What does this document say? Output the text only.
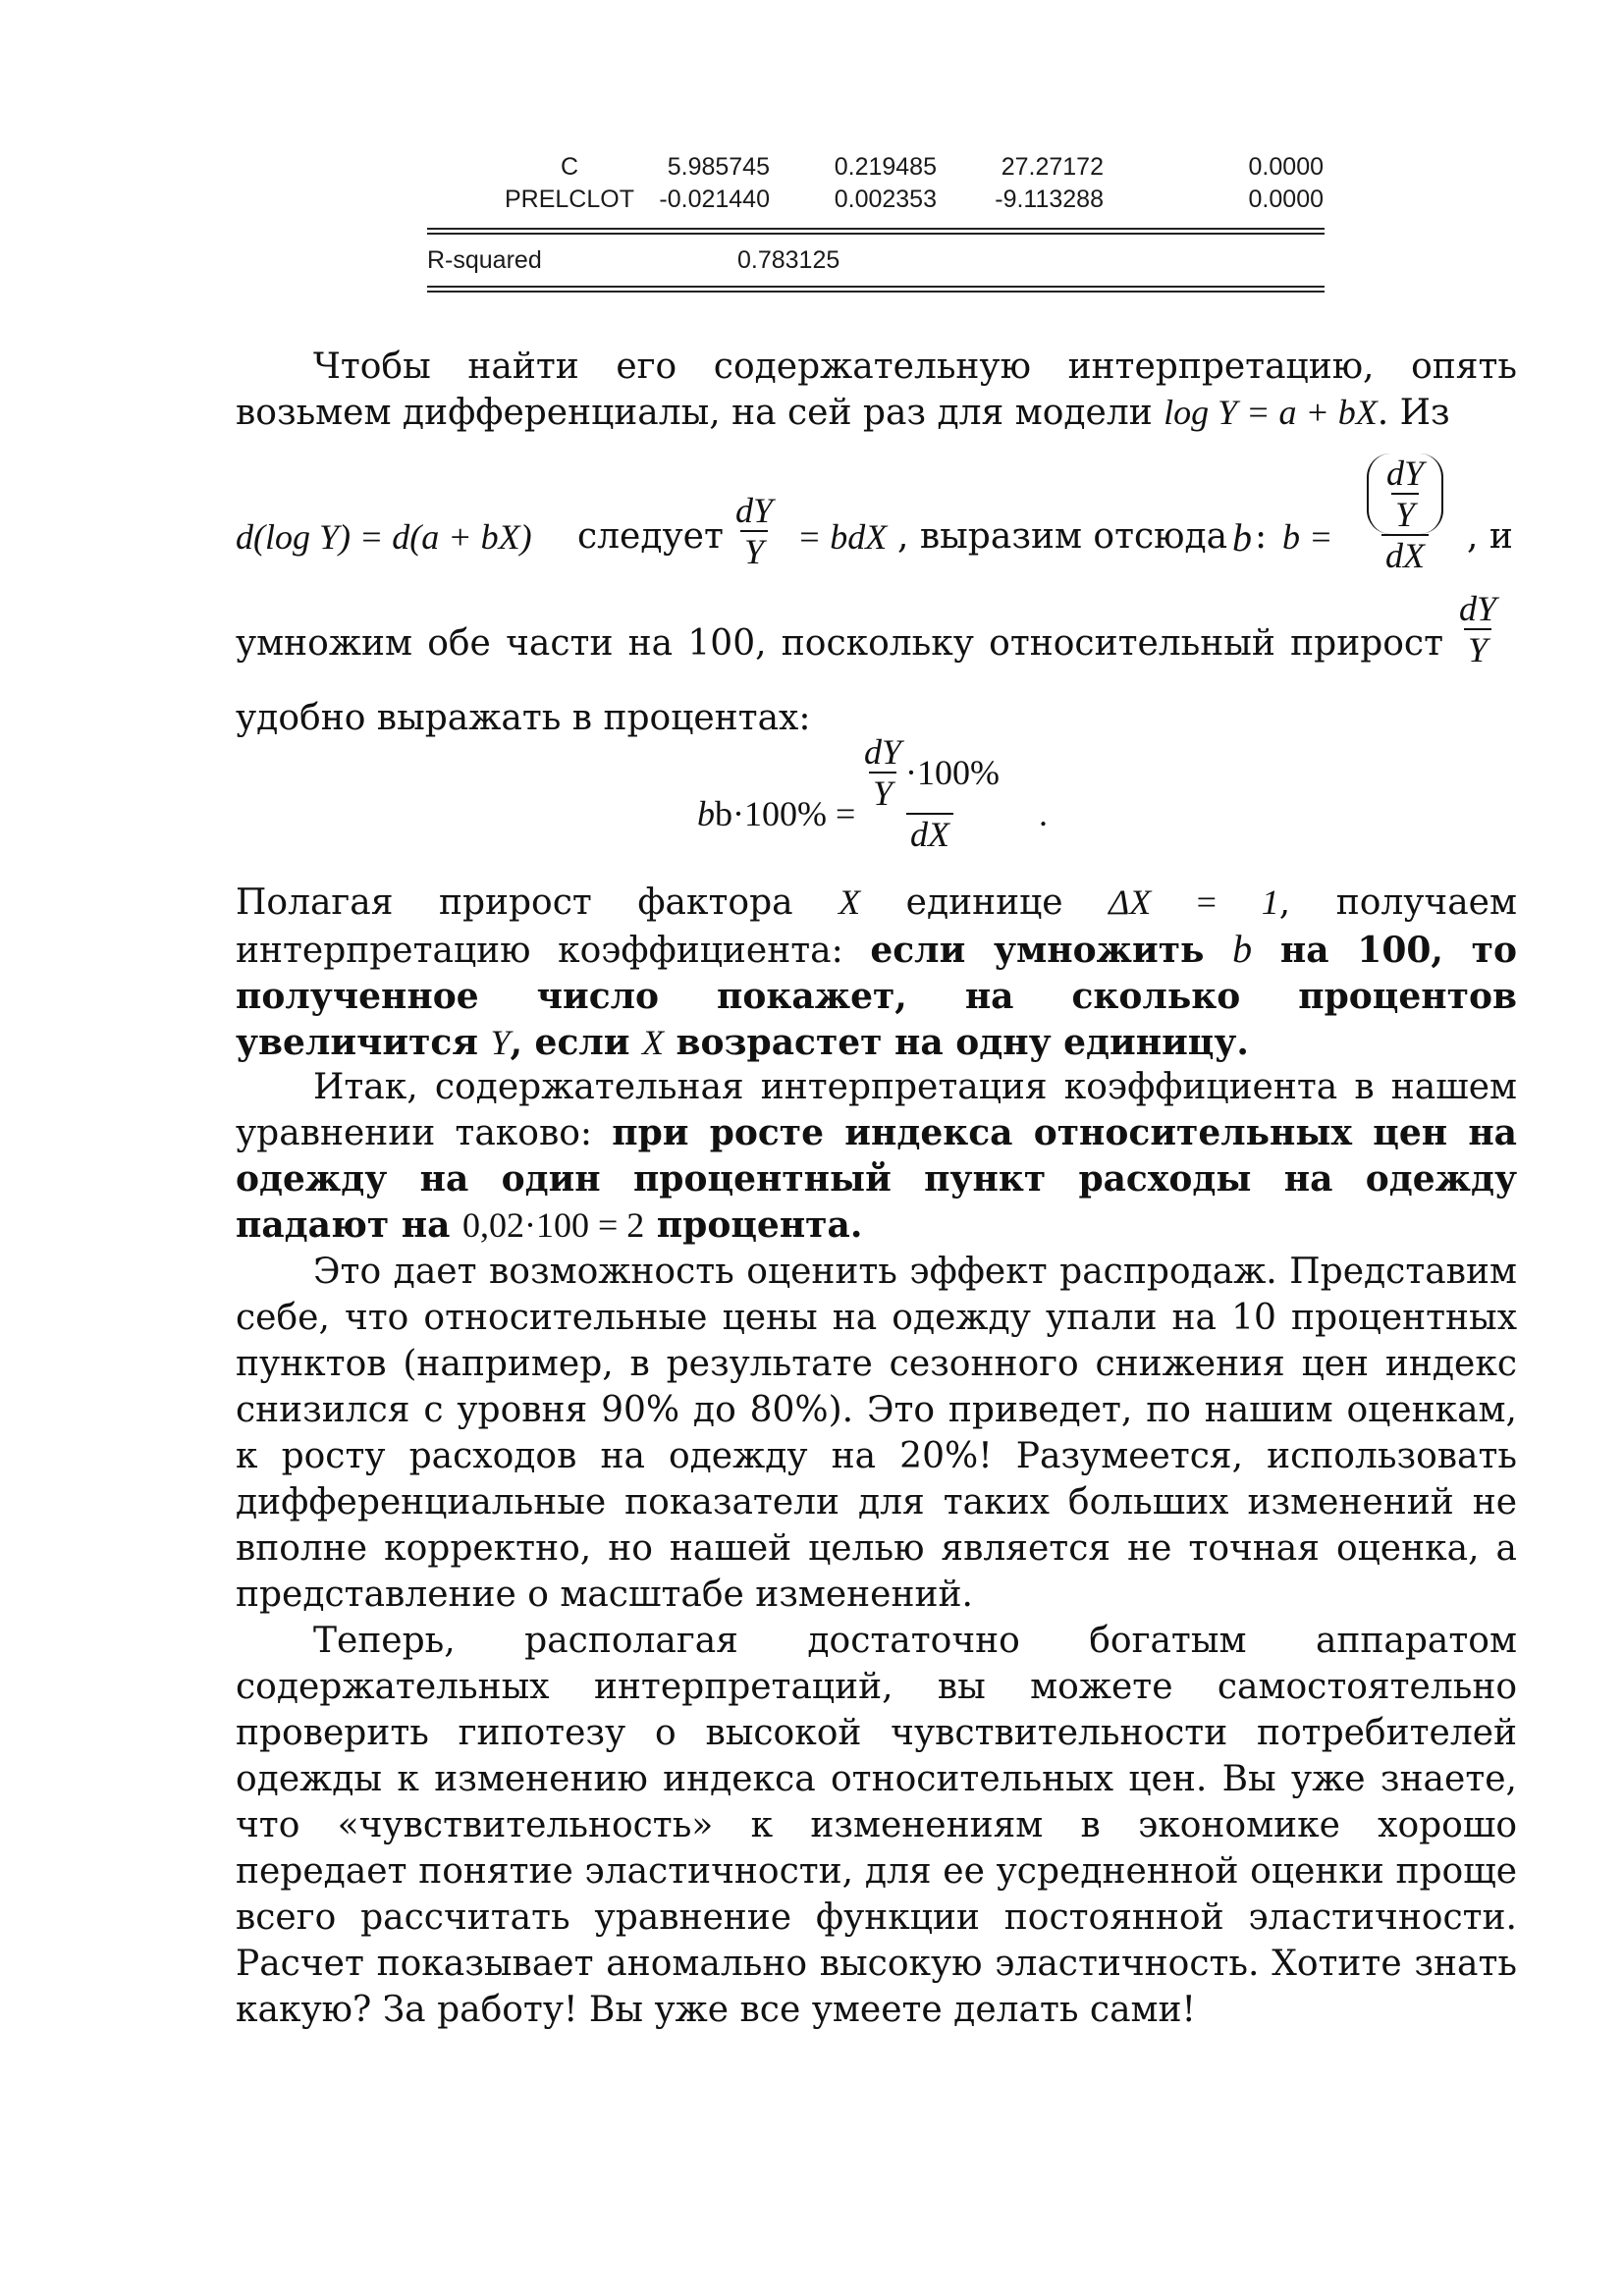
C	5.985745	0.219485	27.27172	0.0000
PRELCLOT	-0.021440	0.002353 -9.113288	0.0000
R-squared	0.783125

Чтобы найти его содержательную интерпретацию, опять возьмем дифференциалы, на сей раз для модели log Y = a + bX. Из

d(log Y) = d(a + bX) следует $\frac{dY}{Y}$ = bdX , выразим отсюда b : $b = \frac{\frac{dY}{Y}}{dX}$ , и

умножим обе части на 100, поскольку относительный прирост $\frac{dY}{Y}$

удобно выражать в процентах:

$bb\cdot 100\% = \frac{\frac{dY}{Y} \cdot 100\%}{dX}$ .

Полагая прирост фактора X единице ΔX = 1, получаем интерпретацию коэффициента: если умножить b на 100, то полученное число покажет, на сколько процентов увеличится Y, если X возрастет на одну единицу.

Итак, содержательная интерпретация коэффициента в нашем уравнении таково: при росте индекса относительных цен на одежду на один процентный пункт расходы на одежду падают на 0,02·100 = 2 процента.

Это дает возможность оценить эффект распродаж. Представим себе, что относительные цены на одежду упали на 10 процентных пунктов (например, в результате сезонного снижения цен индекс снизился с уровня 90% до 80%). Это приведет, по нашим оценкам, к росту расходов на одежду на 20%! Разумеется, использовать дифференциальные показатели для таких больших изменений не вполне корректно, но нашей целью является не точная оценка, а представление о масштабе изменений.

Теперь, располагая достаточно богатым аппаратом содержательных интерпретаций, вы можете самостоятельно проверить гипотезу о высокой чувствительности потребителей одежды к изменению индекса относительных цен. Вы уже знаете, что «чувствительность» к изменениям в экономике хорошо передает понятие эластичности, для ее усредненной оценки проще всего рассчитать уравнение функции постоянной эластичности. Расчет показывает аномально высокую эластичность. Хотите знать какую? За работу! Вы уже все умеете делать сами!
